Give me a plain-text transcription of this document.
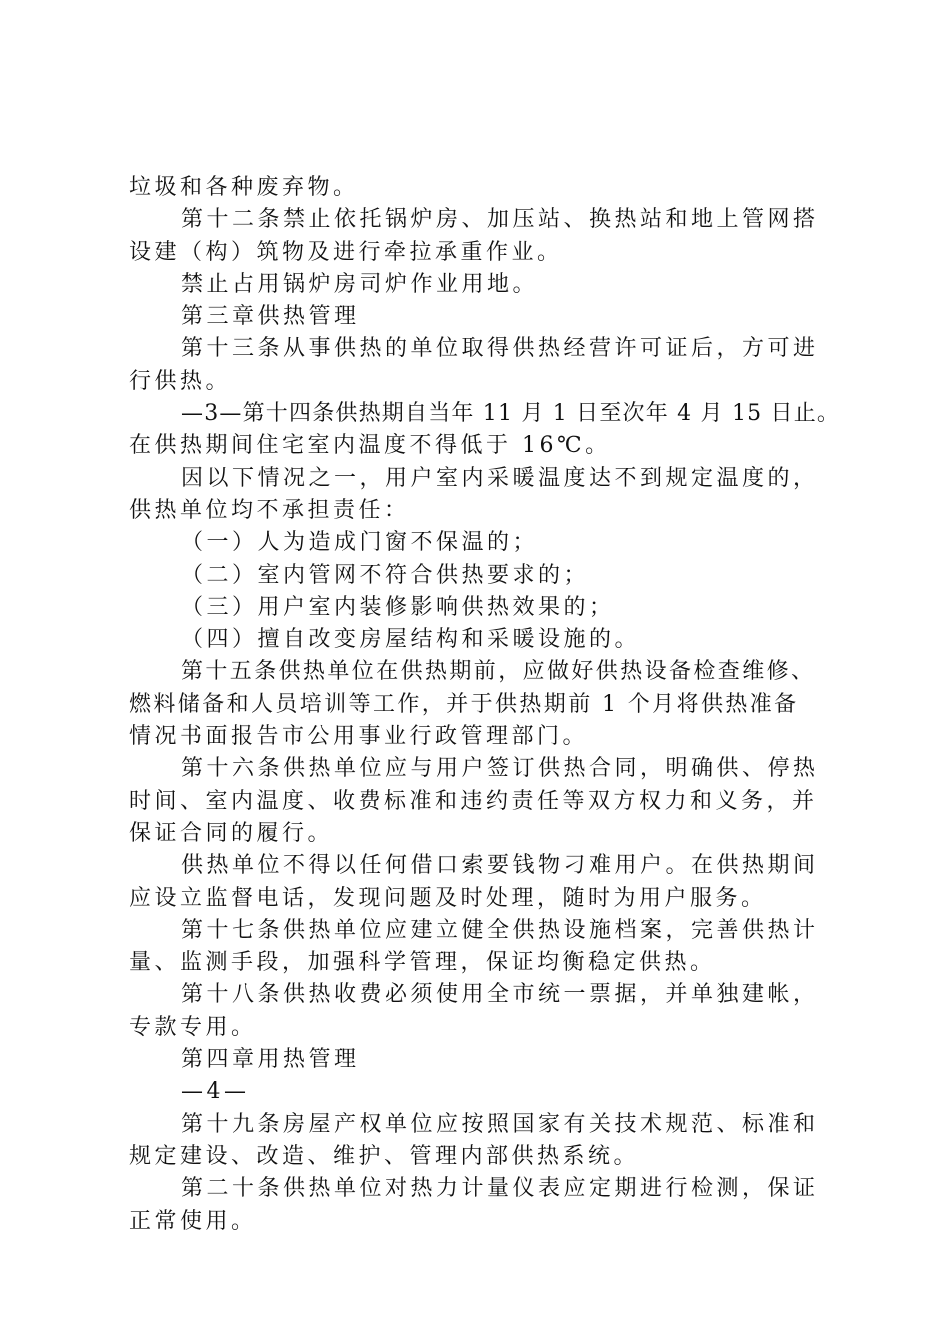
垃圾和各种废弃物。
第十二条禁止依托锅炉房、加压站、换热站和地上管网搭
设建（构）筑物及进行牵拉承重作业。
禁止占用锅炉房司炉作业用地。
第三章供热管理
第十三条从事供热的单位取得供热经营许可证后，方可进
行供热。
—3—第十四条供热期自当年 11 月 1 日至次年 4 月 15 日止。
在供热期间住宅室内温度不得低于 16℃。
因以下情况之一，用户室内采暖温度达不到规定温度的，
供热单位均不承担责任：
（一）人为造成门窗不保温的；
（二）室内管网不符合供热要求的；
（三）用户室内装修影响供热效果的；
（四）擅自改变房屋结构和采暖设施的。
第十五条供热单位在供热期前，应做好供热设备检查维修、
燃料储备和人员培训等工作，并于供热期前 1 个月将供热准备
情况书面报告市公用事业行政管理部门。
第十六条供热单位应与用户签订供热合同，明确供、停热
时间、室内温度、收费标准和违约责任等双方权力和义务，并
保证合同的履行。
供热单位不得以任何借口索要钱物刁难用户。在供热期间
应设立监督电话，发现问题及时处理，随时为用户服务。
第十七条供热单位应建立健全供热设施档案，完善供热计
量、监测手段，加强科学管理，保证均衡稳定供热。
第十八条供热收费必须使用全市统一票据，并单独建帐，
专款专用。
第四章用热管理
—4—
第十九条房屋产权单位应按照国家有关技术规范、标准和
规定建设、改造、维护、管理内部供热系统。
第二十条供热单位对热力计量仪表应定期进行检测，保证
正常使用。
